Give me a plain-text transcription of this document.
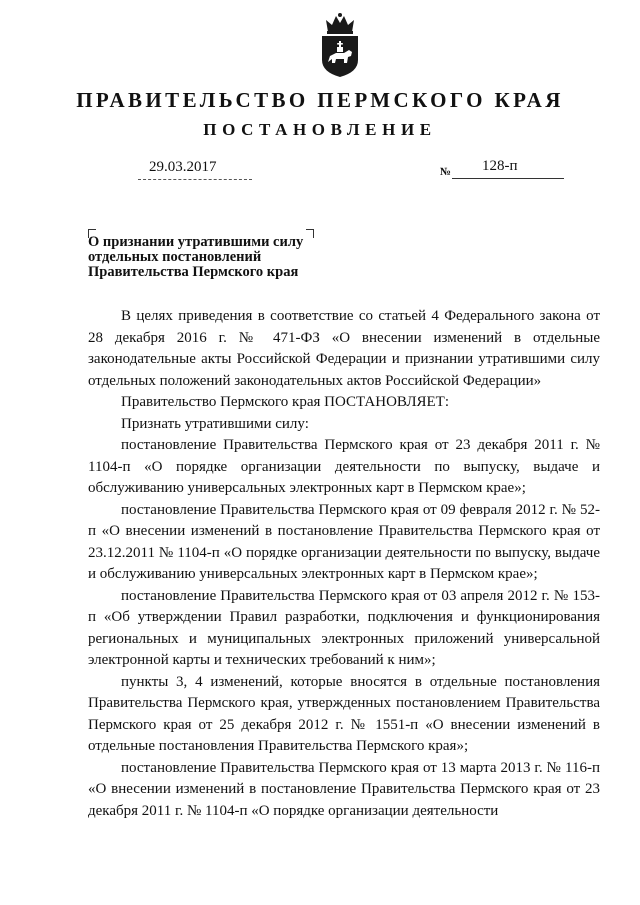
ПРАВИТЕЛЬСТВО ПЕРМСКОГО КРАЯ
ПОСТАНОВЛЕНИЕ
29.03.2017	№ 128-п
О признании утратившими силу
отдельных постановлений
Правительства Пермского края

В целях приведения в соответствие со статьей 4 Федерального закона от 28 декабря 2016 г. № 471-ФЗ «О внесении изменений в отдельные законодательные акты Российской Федерации и признании утратившими силу отдельных положений законодательных актов Российской Федерации»

Правительство Пермского края ПОСТАНОВЛЯЕТ:

Признать утратившими силу:

постановление Правительства Пермского края от 23 декабря 2011 г. № 1104-п «О порядке организации деятельности по выпуску, выдаче и обслуживанию универсальных электронных карт в Пермском крае»;

постановление Правительства Пермского края от 09 февраля 2012 г. № 52-п «О внесении изменений в постановление Правительства Пермского края от 23.12.2011 № 1104-п «О порядке организации деятельности по выпуску, выдаче и обслуживанию универсальных электронных карт в Пермском крае»;

постановление Правительства Пермского края от 03 апреля 2012 г. № 153-п «Об утверждении Правил разработки, подключения и функционирования региональных и муниципальных электронных приложений универсальной электронной карты и технических требований к ним»;

пункты 3, 4 изменений, которые вносятся в отдельные постановления Правительства Пермского края, утвержденных постановлением Правительства Пермского края от 25 декабря 2012 г. № 1551-п «О внесении изменений в отдельные постановления Правительства Пермского края»;

постановление Правительства Пермского края от 13 марта 2013 г. № 116-п «О внесении изменений в постановление Правительства Пермского края от 23 декабря 2011 г. № 1104-п «О порядке организации деятельности
